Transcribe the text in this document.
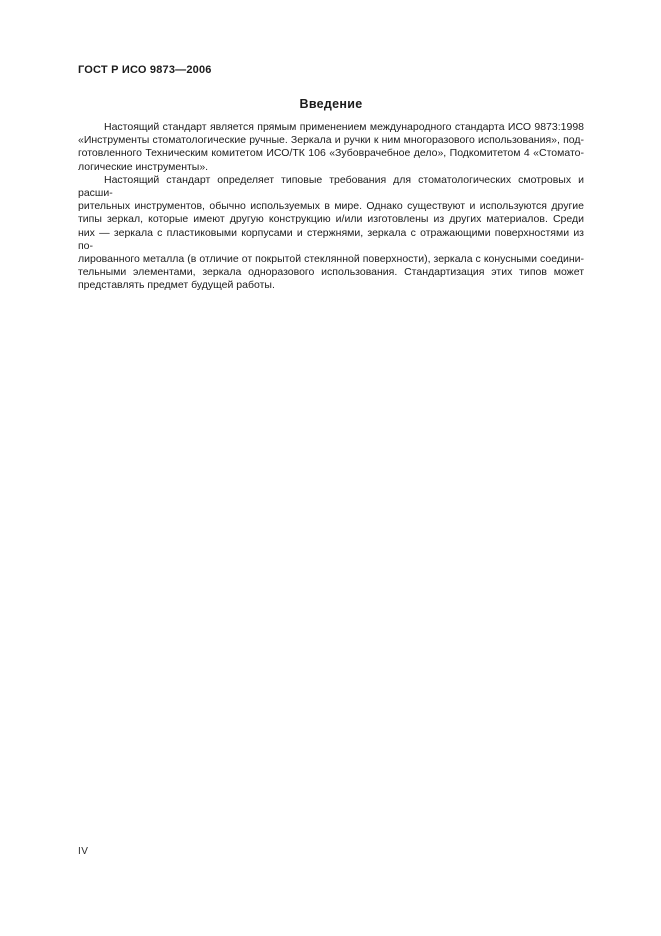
ГОСТ Р ИСО 9873—2006
Введение
Настоящий стандарт является прямым применением международного стандарта ИСО 9873:1998
«Инструменты стоматологические ручные. Зеркала и ручки к ним многоразового использования», под-
готовленного Техническим комитетом ИСО/ТК 106 «Зубоврачебное дело», Подкомитетом 4 «Стомато-
логические инструменты».
Настоящий стандарт определяет типовые требования для стоматологических смотровых и расши-
рительных инструментов, обычно используемых в мире. Однако существуют и используются другие
типы зеркал, которые имеют другую конструкцию и/или изготовлены из других материалов. Среди
них — зеркала с пластиковыми корпусами и стержнями, зеркала с отражающими поверхностями из по-
лированного металла (в отличие от покрытой стеклянной поверхности), зеркала с конусными соедини-
тельными элементами, зеркала одноразового использования. Стандартизация этих типов может
представлять предмет будущей работы.
IV
